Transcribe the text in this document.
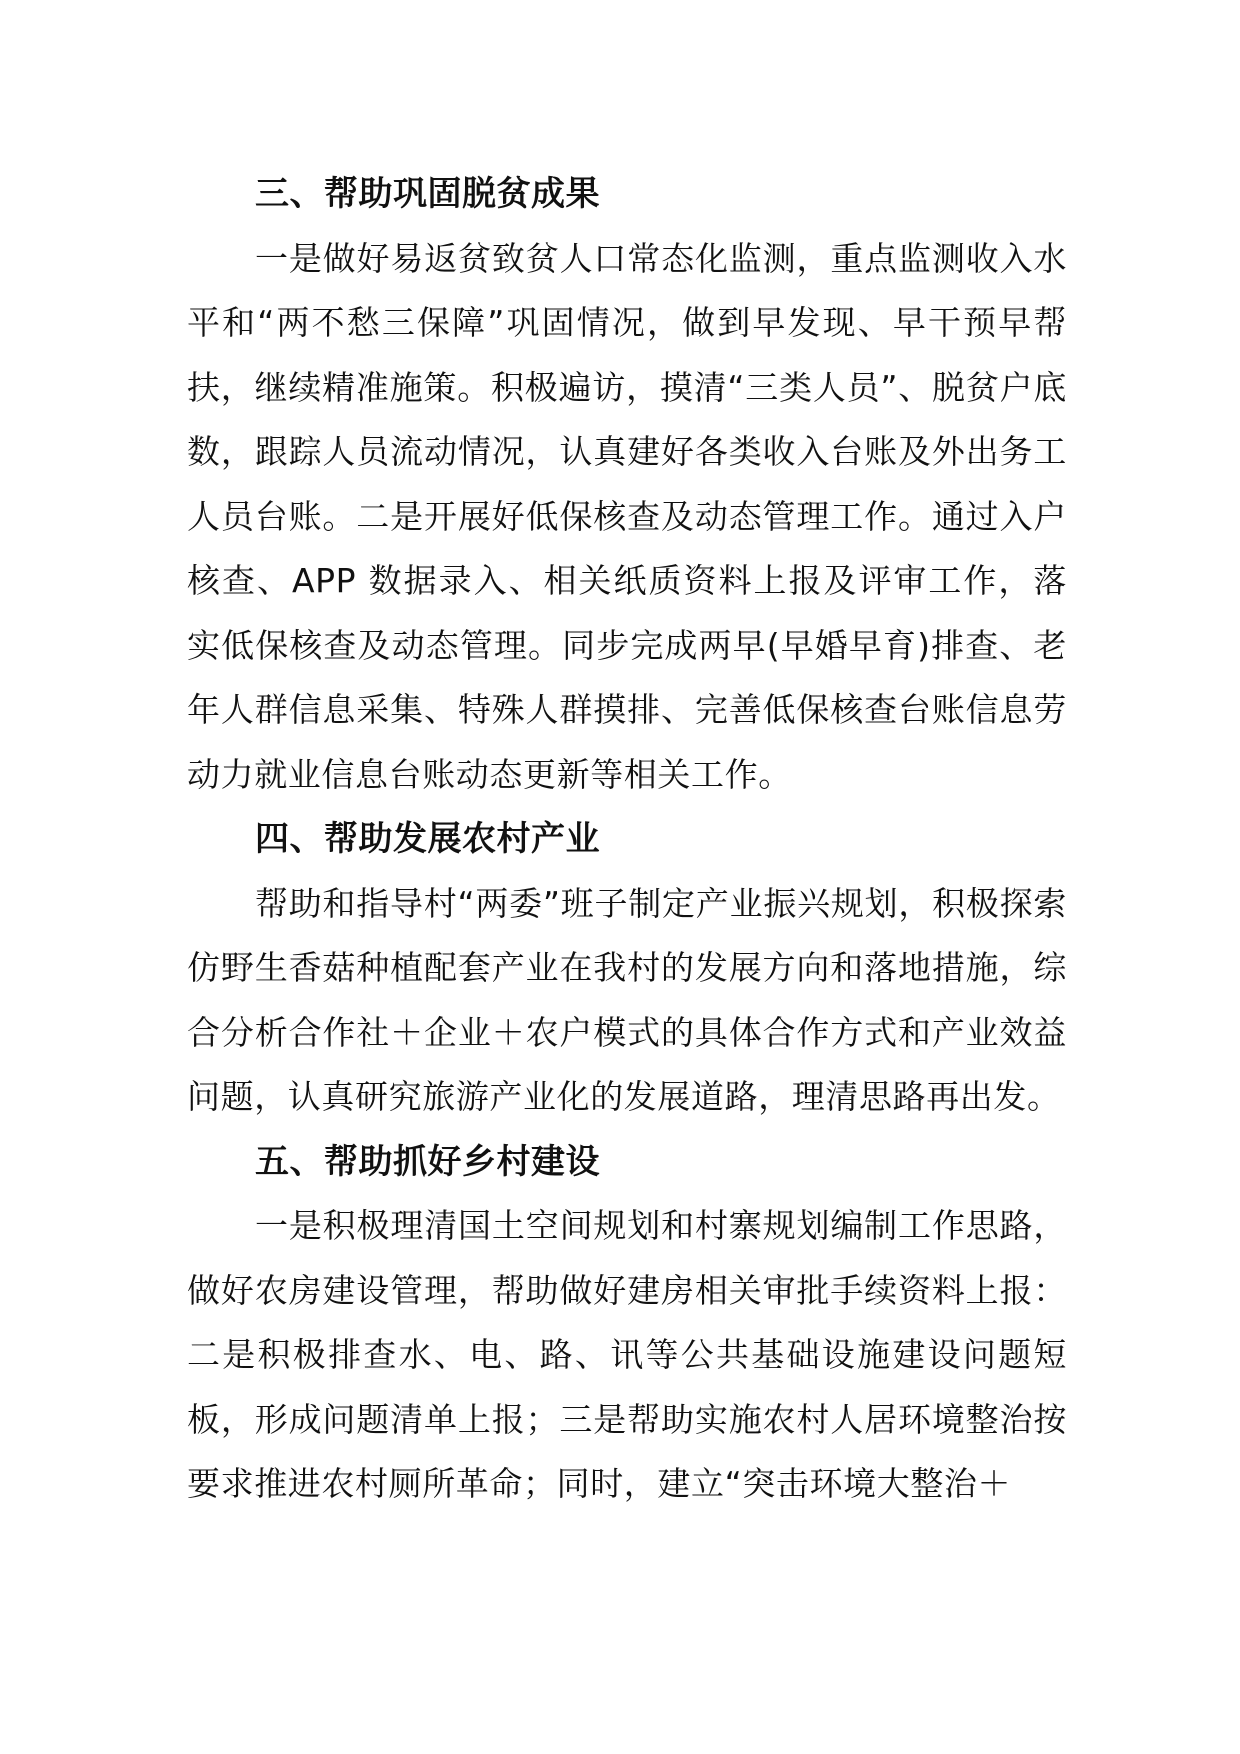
三、帮助巩固脱贫成果

一是做好易返贫致贫人口常态化监测，重点监测收入水平和“两不愁三保障”巩固情况，做到早发现、早干预早帮扶，继续精准施策。积极遍访，摸清“三类人员”、脱贫户底数，跟踪人员流动情况，认真建好各类收入台账及外出务工人员台账。二是开展好低保核查及动态管理工作。通过入户核查、APP 数据录入、相关纸质资料上报及评审工作，落实低保核查及动态管理。同步完成两早(早婚早育)排查、老年人群信息采集、特殊人群摸排、完善低保核查台账信息劳动力就业信息台账动态更新等相关工作。

四、帮助发展农村产业

帮助和指导村“两委”班子制定产业振兴规划，积极探索仿野生香菇种植配套产业在我村的发展方向和落地措施，综合分析合作社＋企业＋农户模式的具体合作方式和产业效益问题，认真研究旅游产业化的发展道路，理清思路再出发。

五、帮助抓好乡村建设

一是积极理清国土空间规划和村寨规划编制工作思路，做好农房建设管理，帮助做好建房相关审批手续资料上报：二是积极排查水、电、路、讯等公共基础设施建设问题短板，形成问题清单上报；三是帮助实施农村人居环境整治按要求推进农村厕所革命；同时，建立“突击环境大整治＋
